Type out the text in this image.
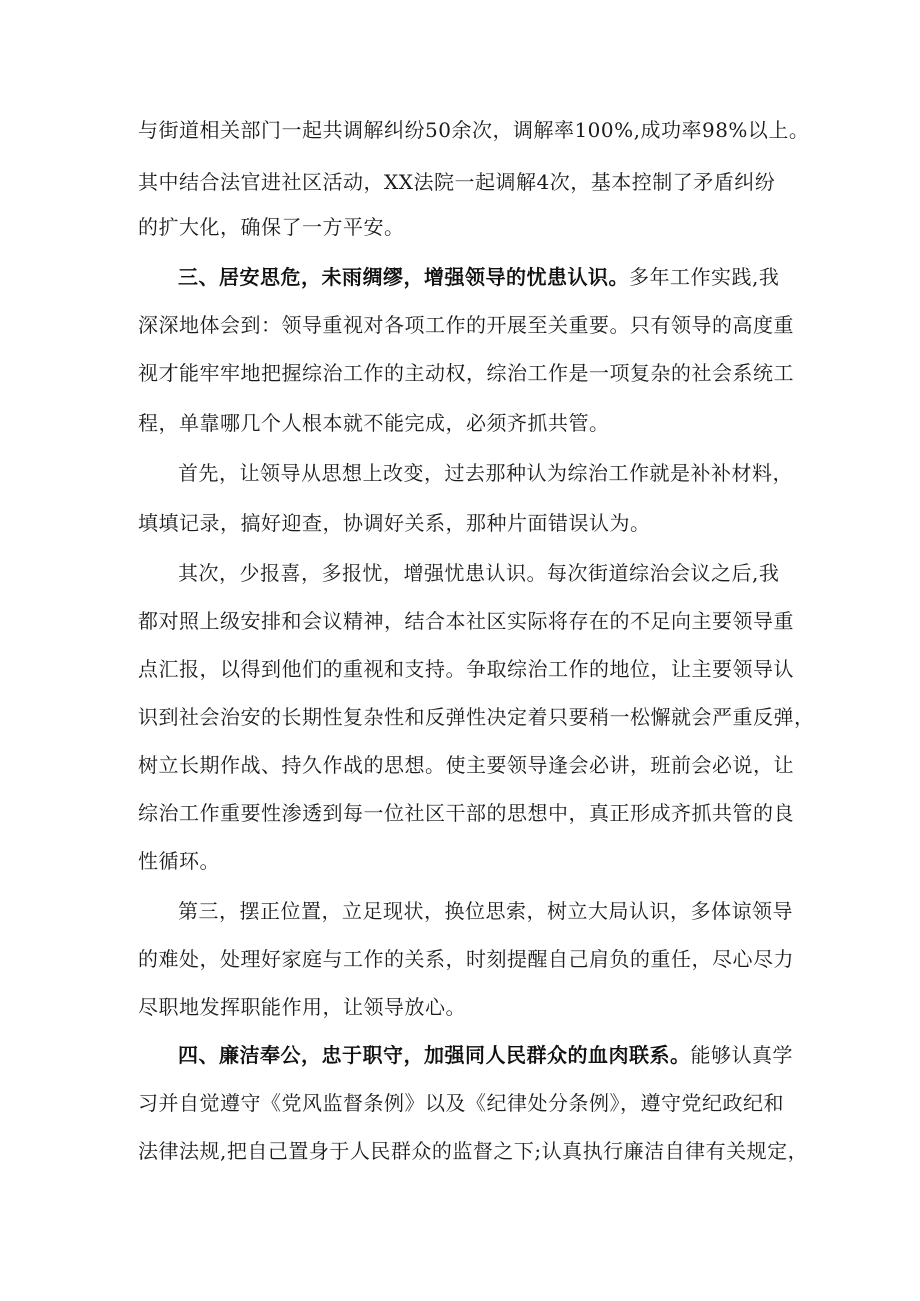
与街道相关部门一起共调解纠纷50余次，调解率100%,成功率98%以上。
其中结合法官进社区活动，XX法院一起调解4次，基本控制了矛盾纠纷
的扩大化，确保了一方平安。
三、居安思危，未雨绸缪，增强领导的忧患认识。多年工作实践,我
深深地体会到：领导重视对各项工作的开展至关重要。只有领导的高度重
视才能牢牢地把握综治工作的主动权，综治工作是一项复杂的社会系统工
程，单靠哪几个人根本就不能完成，必须齐抓共管。
首先，让领导从思想上改变，过去那种认为综治工作就是补补材料，
填填记录，搞好迎查，协调好关系，那种片面错误认为。
其次，少报喜，多报忧，增强忧患认识。每次街道综治会议之后,我
都对照上级安排和会议精神，结合本社区实际将存在的不足向主要领导重
点汇报，以得到他们的重视和支持。争取综治工作的地位，让主要领导认
识到社会治安的长期性复杂性和反弹性决定着只要稍一松懈就会严重反弹，
树立长期作战、持久作战的思想。使主要领导逢会必讲，班前会必说，让
综治工作重要性渗透到每一位社区干部的思想中，真正形成齐抓共管的良
性循环。
第三，摆正位置，立足现状，换位思索，树立大局认识，多体谅领导
的难处，处理好家庭与工作的关系，时刻提醒自己肩负的重任，尽心尽力
尽职地发挥职能作用，让领导放心。
四、廉洁奉公，忠于职守，加强同人民群众的血肉联系。能够认真学
习并自觉遵守《党风监督条例》以及《纪律处分条例》，遵守党纪政纪和
法律法规,把自己置身于人民群众的监督之下;认真执行廉洁自律有关规定，
